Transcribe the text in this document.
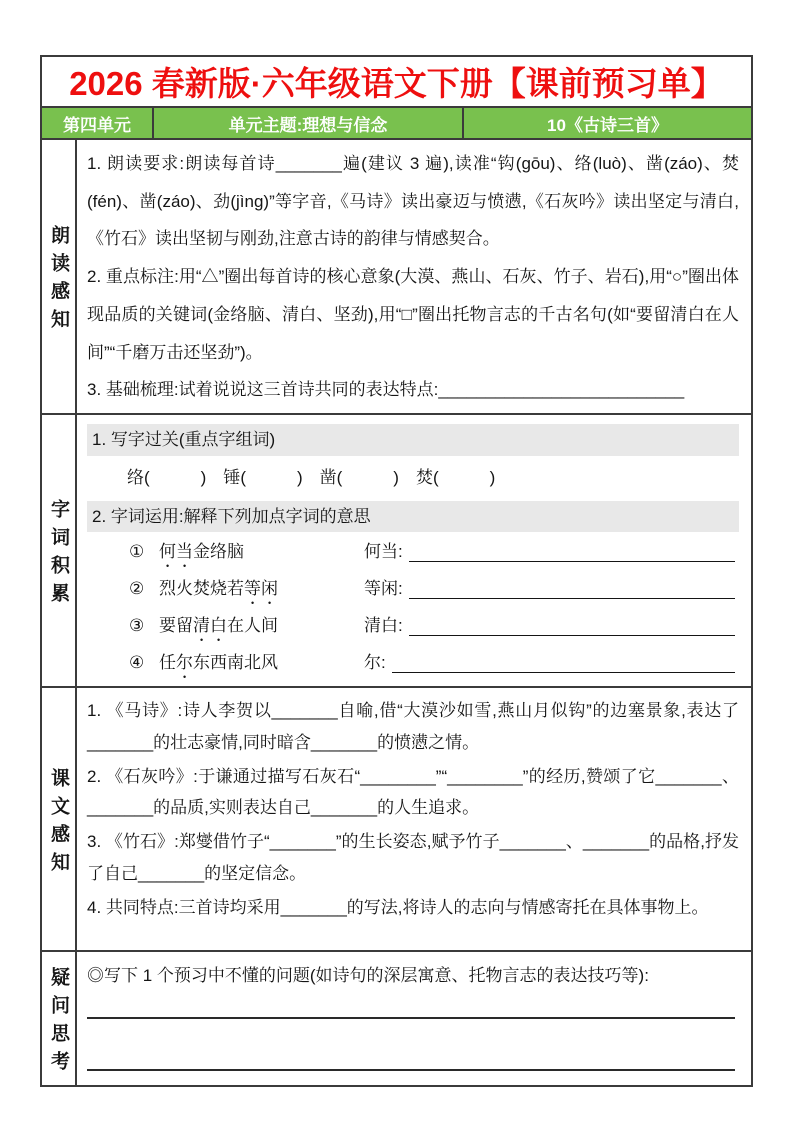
2026 春新版·六年级语文下册【课前预习单】
第四单元	单元主题:理想与信念	10《古诗三首》
朗读感知

1. 朗读要求:朗读每首诗_______遍(建议 3 遍),读准“钩(gōu)、络(luò)、凿(záo)、焚(fén)、凿(záo)、劲(jìng)”等字音,《马诗》读出豪迈与愤懑,《石灰吟》读出坚定与清白,《竹石》读出坚韧与刚劲,注意古诗的韵律与情感契合。

2. 重点标注:用“△”圈出每首诗的核心意象(大漠、燕山、石灰、竹子、岩石),用“○”圈出体现品质的关键词(金络脑、清白、坚劲),用“□”圈出托物言志的千古名句(如“要留清白在人间”“千磨万击还坚劲”)。

3. 基础梳理:试着说说这三首诗共同的表达特点:__________________________

字词积累
1. 写字过关(重点字组词)
络(　　　)　锤(　　　)　凿(　　　)　焚(　　　)
2. 字词运用:解释下列加点字词的意思
① 何当金络脑	何当:
② 烈火焚烧若等闲	等闲:
③ 要留清白在人间	清白:
④ 任尔东西南北风	尔:
课文感知

1. 《马诗》:诗人李贺以_______自喻,借“大漠沙如雪,燕山月似钩”的边塞景象,表达了_______的壮志豪情,同时暗含_______的愤懑之情。

2. 《石灰吟》:于谦通过描写石灰石“________”“________”的经历,赞颂了它_______、_______的品质,实则表达自己_______的人生追求。

3. 《竹石》:郑燮借竹子“_______”的生长姿态,赋予竹子_______、_______的品格,抒发了自己_______的坚定信念。

4. 共同特点:三首诗均采用_______的写法,将诗人的志向与情感寄托在具体事物上。

疑问思考	◎写下 1 个预习中不懂的问题(如诗句的深层寓意、托物言志的表达技巧等):
